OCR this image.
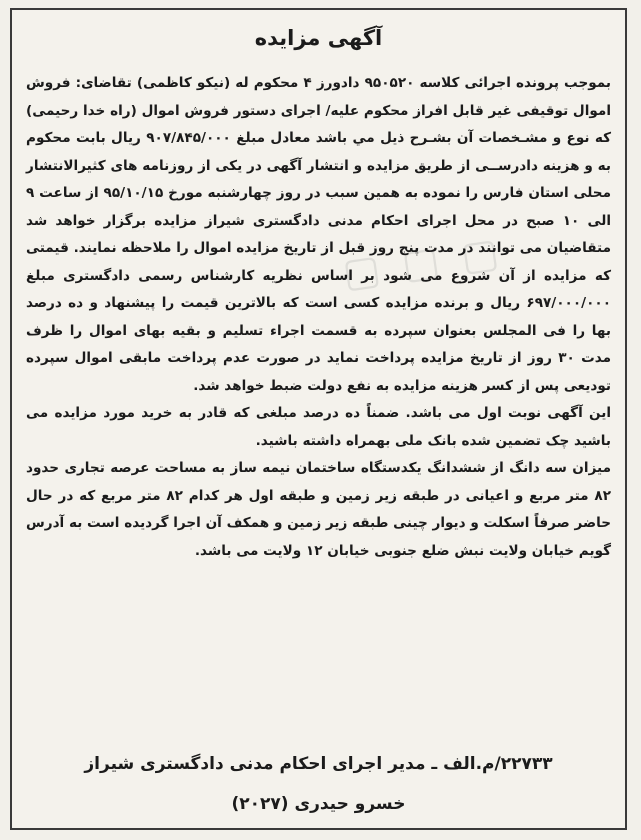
▢ ▢ ▢
آگهی مزایده

بموجب پرونده اجرائی کلاسه ۹۵۰۵۲۰ دادورز ۴ محکوم له (نیکو کاظمی) تقاضای: فروش اموال توقیفی غیر قابل افراز محکوم علیه/ اجرای دستور فروش اموال (راه خدا رحیمی) که نوع و مشـخصات آن بشـرح ذیل مي باشد معادل مبلغ ۹۰۷/۸۴۵/۰۰۰ ریال بابت محکوم به و هزینه دادرســی از طریق مزایده و انتشار آگهی در یکی از روزنامه های کثیرالانتشار محلی استان فارس را نموده به همین سبب در روز چهارشنبه مورخ ۹۵/۱۰/۱۵ از ساعت ۹ الی ۱۰ صبح در محل اجرای احکام مدنی دادگستری شیراز مزایده برگزار خواهد شد متقاضیان می توانند در مدت پنج روز قبل از تاریخ مزایده اموال را ملاحظه نمایند. قیمتی که مزایده از آن شروع می شود بر اساس نظریه کارشناس رسمی دادگستری مبلغ ۶۹۷/۰۰۰/۰۰۰ ریال و برنده مزایده کسی است که بالاترین قیمت را پیشنهاد و ده درصد بها را فی المجلس بعنوان سپرده به قسمت اجراء تسلیم و بقیه بهای اموال را ظرف مدت ۳۰ روز از تاریخ مزایده پرداخت نماید در صورت عدم پرداخت مابقی اموال سپرده تودیعی پس از کسر هزینه مزایده به نفع دولت ضبط خواهد شد.

این آگهی نوبت اول می باشد. ضمناً ده درصد مبلغی که قادر به خرید مورد مزایده می باشید چک تضمین شده بانک ملی بهمراه داشته باشید.

میزان سه دانگ از ششدانگ یکدستگاه ساختمان نیمه ساز به مساحت عرصه تجاری حدود ۸۲ متر مربع و اعیانی در طبقه زیر زمین و طبقه اول هر کدام ۸۲ متر مربع که در حال حاضر صرفاً اسکلت و دیوار چینی طبقه زیر زمین و همکف آن اجرا گردیده است به آدرس گویم خیابان ولایت نبش ضلع جنوبی خیابان ۱۲ ولایت می باشد.

۲۲۷۳۳/م.الف ـ مدیر اجرای احکام مدنی دادگستری شیراز
خسرو حیدری (۲۰۲۷)
